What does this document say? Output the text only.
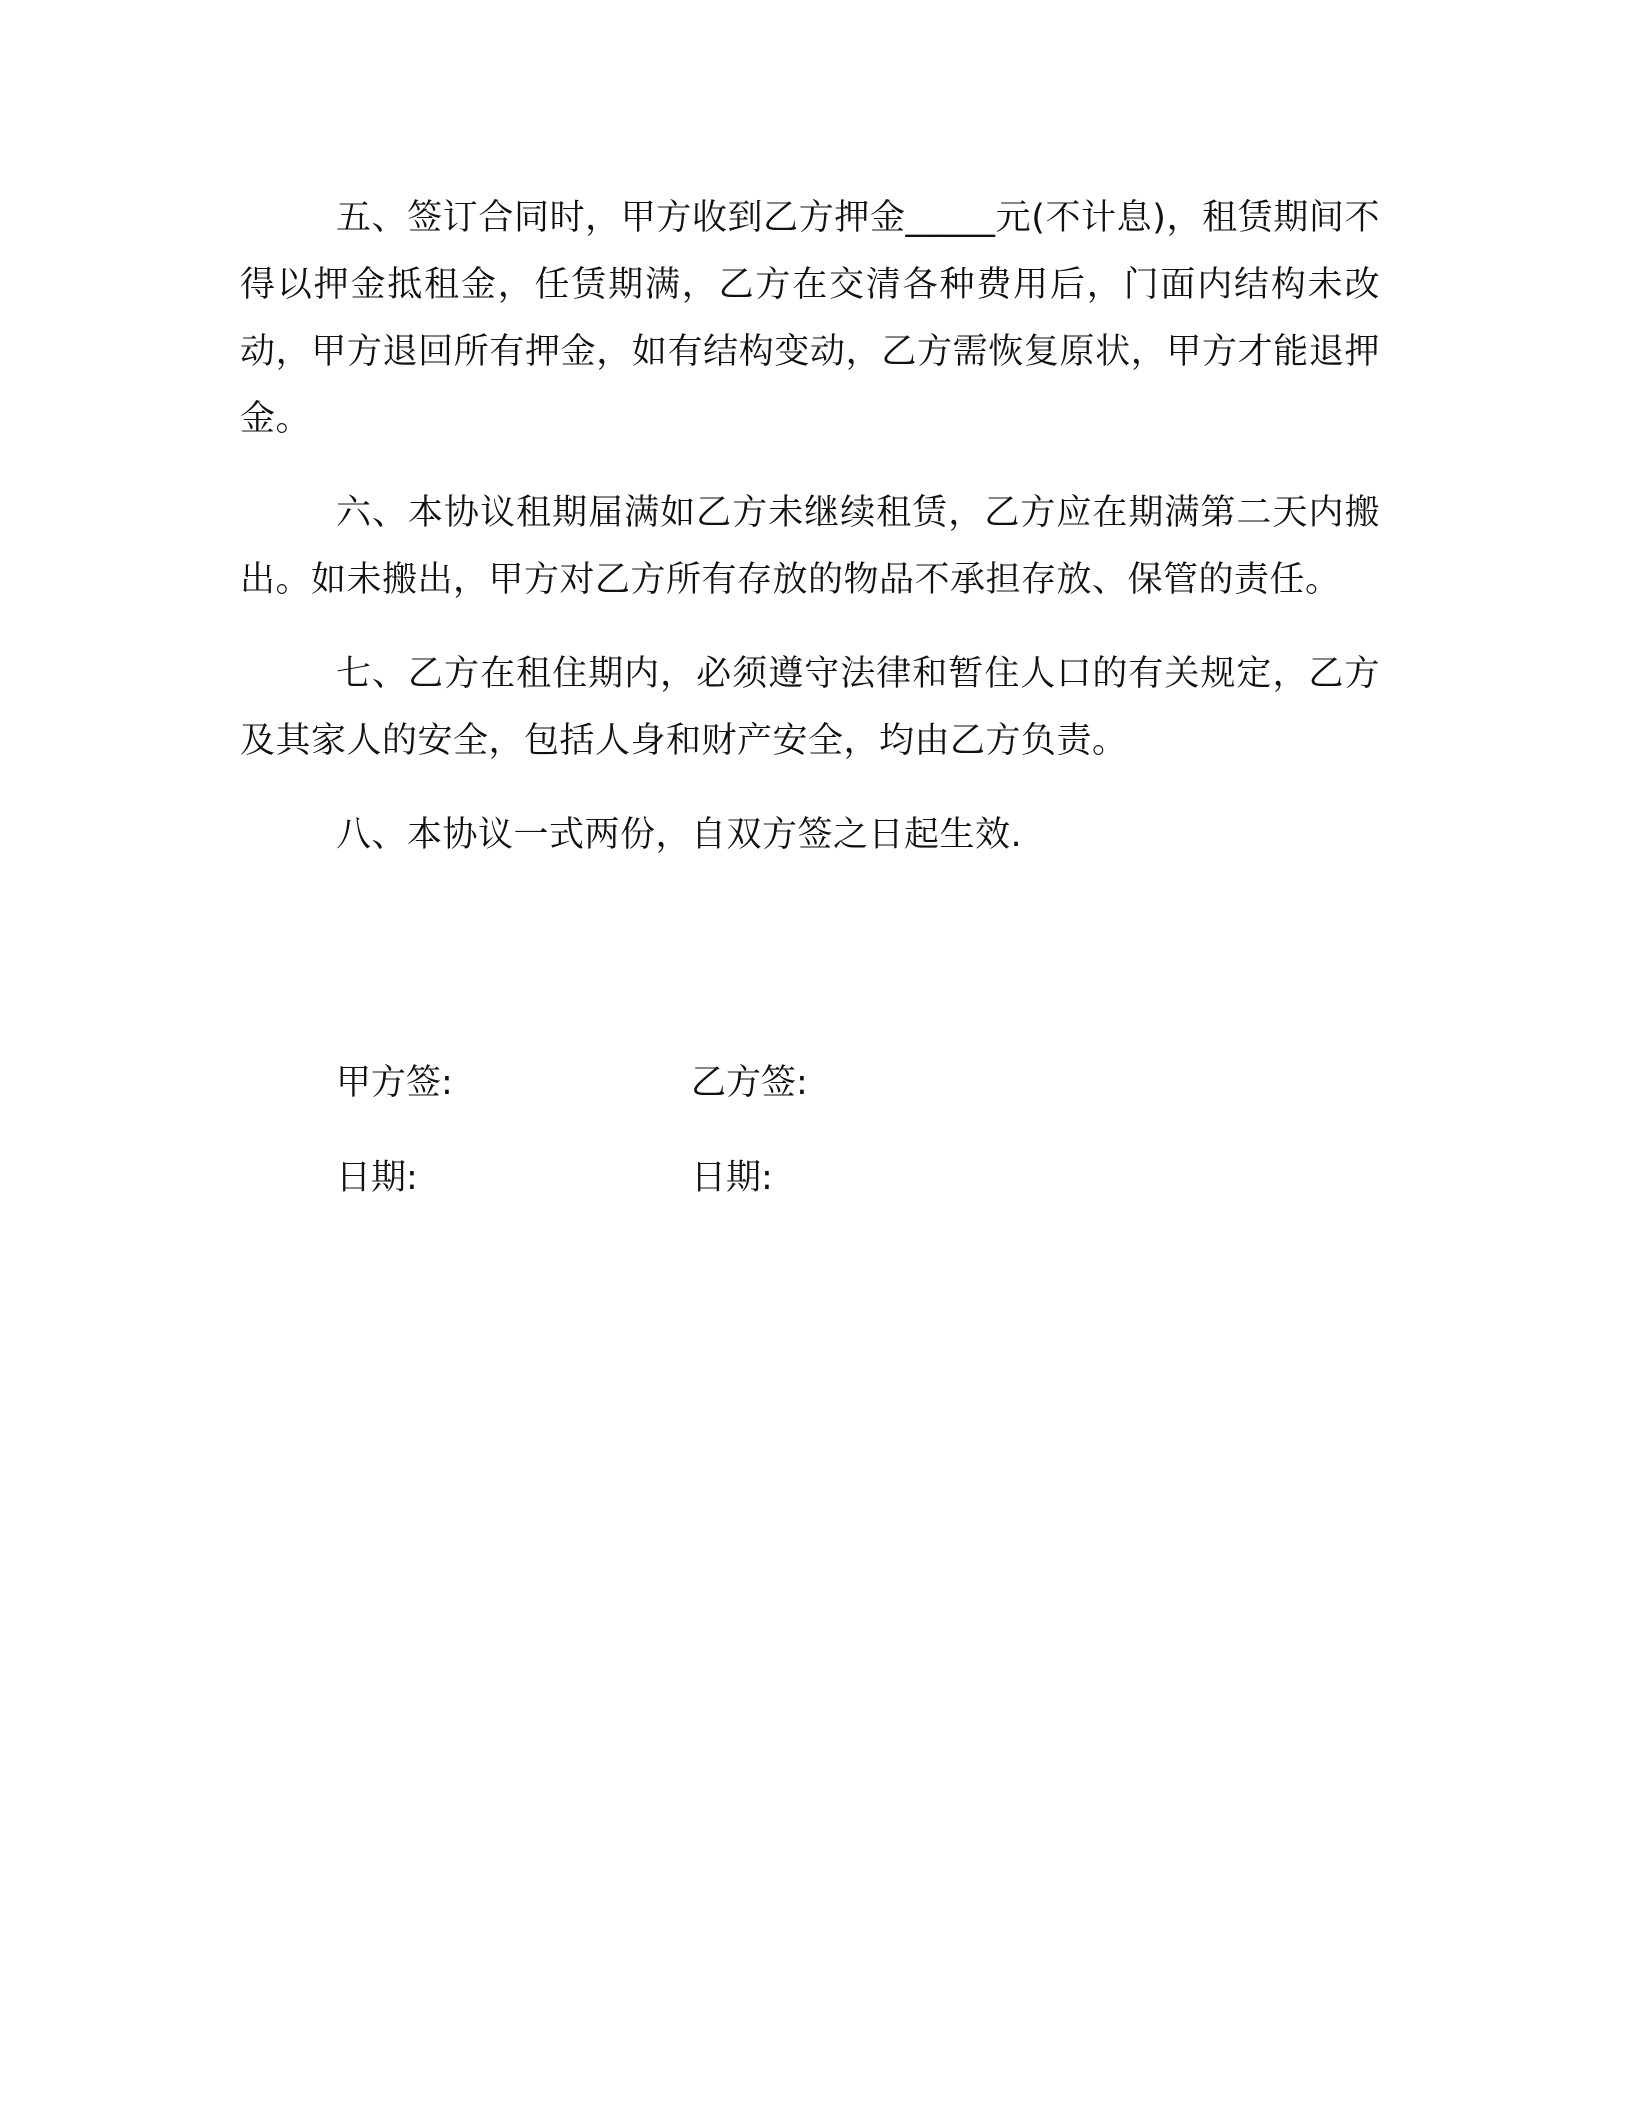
五、签订合同时，甲方收到乙方押金_____元(不计息)，租赁期间不得以押金抵租金，任赁期满，乙方在交清各种费用后，门面内结构未改动，甲方退回所有押金，如有结构变动，乙方需恢复原状，甲方才能退押金。

六、本协议租期届满如乙方未继续租赁，乙方应在期满第二天内搬出。如未搬出，甲方对乙方所有存放的物品不承担存放、保管的责任。

七、乙方在租住期内，必须遵守法律和暂住人口的有关规定，乙方及其家人的安全，包括人身和财产安全，均由乙方负责。

八、本协议一式两份，自双方签之日起生效.

甲方签:	乙方签:
日期:	日期:
